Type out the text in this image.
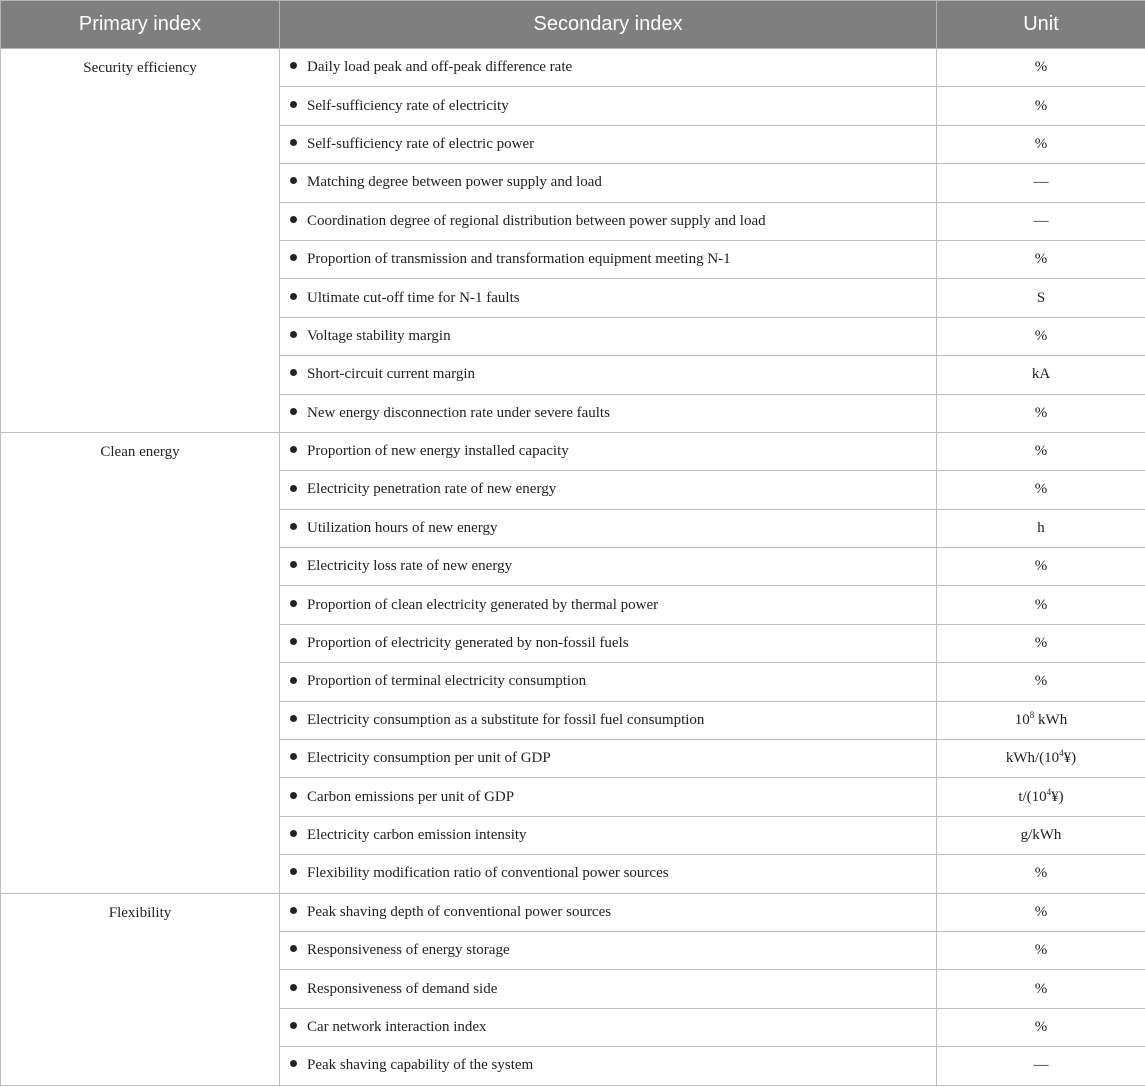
Primary index	Secondary index	Unit
Security efficiency	Daily load peak and off-peak difference rate	%
	Self-sufficiency rate of electricity	%
	Self-sufficiency rate of electric power	%
	Matching degree between power supply and load	—
	Coordination degree of regional distribution between power supply and load	—
	Proportion of transmission and transformation equipment meeting N-1	%
	Ultimate cut-off time for N-1 faults	S
	Voltage stability margin	%
	Short-circuit current margin	kA
	New energy disconnection rate under severe faults	%
Clean energy	Proportion of new energy installed capacity	%
	Electricity penetration rate of new energy	%
	Utilization hours of new energy	h
	Electricity loss rate of new energy	%
	Proportion of clean electricity generated by thermal power	%
	Proportion of electricity generated by non-fossil fuels	%
	Proportion of terminal electricity consumption	%
	Electricity consumption as a substitute for fossil fuel consumption	$10^8$ kWh
	Electricity consumption per unit of GDP	kWh/$(10^4¥)$
	Carbon emissions per unit of GDP	$t/(10^4¥)$
	Electricity carbon emission intensity	g/kWh
	Flexibility modification ratio of conventional power sources	%
Flexibility	Peak shaving depth of conventional power sources	%
	Responsiveness of energy storage	%
	Responsiveness of demand side	%
	Car network interaction index	%
	Peak shaving capability of the system	—
